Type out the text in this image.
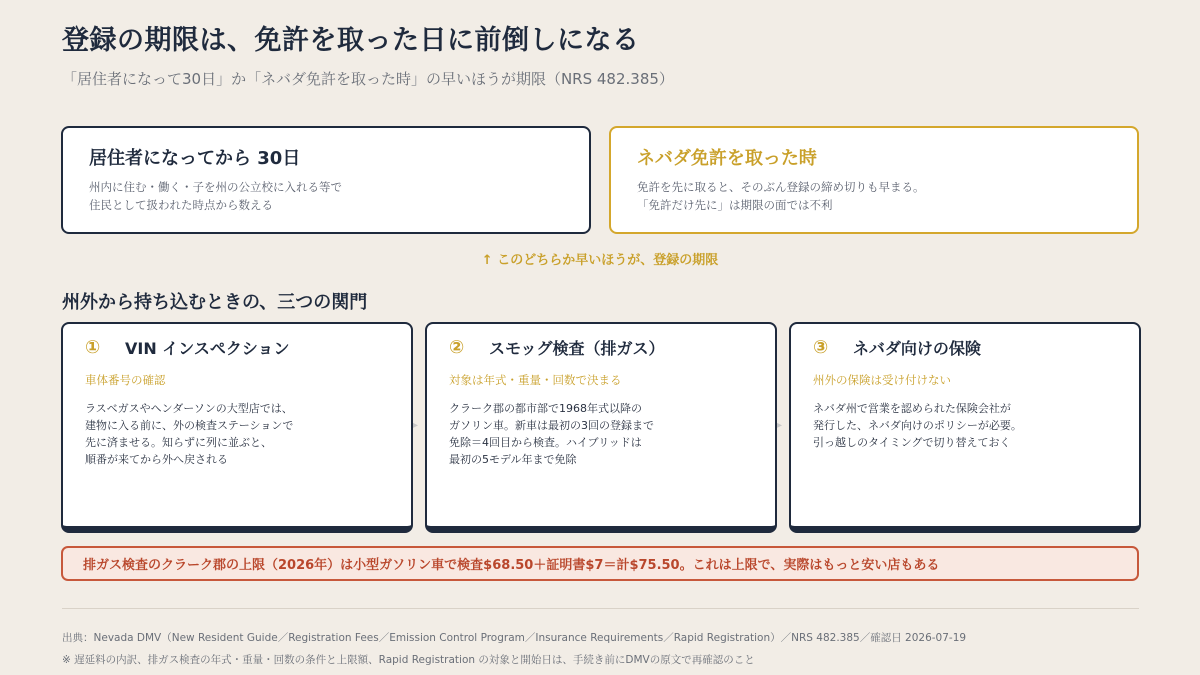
登録の期限は、免許を取った日に前倒しになる
「居住者になって30日」か「ネバダ免許を取った時」の早いほうが期限（NRS 482.385）
居住者になってから 30日
州内に住む・働く・子を州の公立校に入れる等で
住民として扱われた時点から数える
ネバダ免許を取った時
免許を先に取ると、そのぶん登録の締め切りも早まる。
「免許だけ先に」は期限の面では不利
↑ このどちらか早いほうが、登録の期限
州外から持ち込むときの、三つの関門
①	VIN インスペクション
車体番号の確認
ラスベガスやヘンダーソンの大型店では、
建物に入る前に、外の検査ステーションで
先に済ませる。知らずに列に並ぶと、
順番が来てから外へ戻される
▸
②	スモッグ検査（排ガス）
対象は年式・重量・回数で決まる
クラーク郡の都市部で1968年式以降の
ガソリン車。新車は最初の3回の登録まで
免除＝4回目から検査。ハイブリッドは
最初の5モデル年まで免除
▸
③	ネバダ向けの保険
州外の保険は受け付けない
ネバダ州で営業を認められた保険会社が
発行した、ネバダ向けのポリシーが必要。
引っ越しのタイミングで切り替えておく
排ガス検査のクラーク郡の上限（2026年）は小型ガソリン車で検査$68.50＋証明書$7＝計$75.50。これは上限で、実際はもっと安い店もある
出典：Nevada DMV（New Resident Guide／Registration Fees／Emission Control Program／Insurance Requirements／Rapid Registration）／NRS 482.385／確認日 2026-07-19
※ 遅延料の内訳、排ガス検査の年式・重量・回数の条件と上限額、Rapid Registration の対象と開始日は、手続き前にDMVの原文で再確認のこと
